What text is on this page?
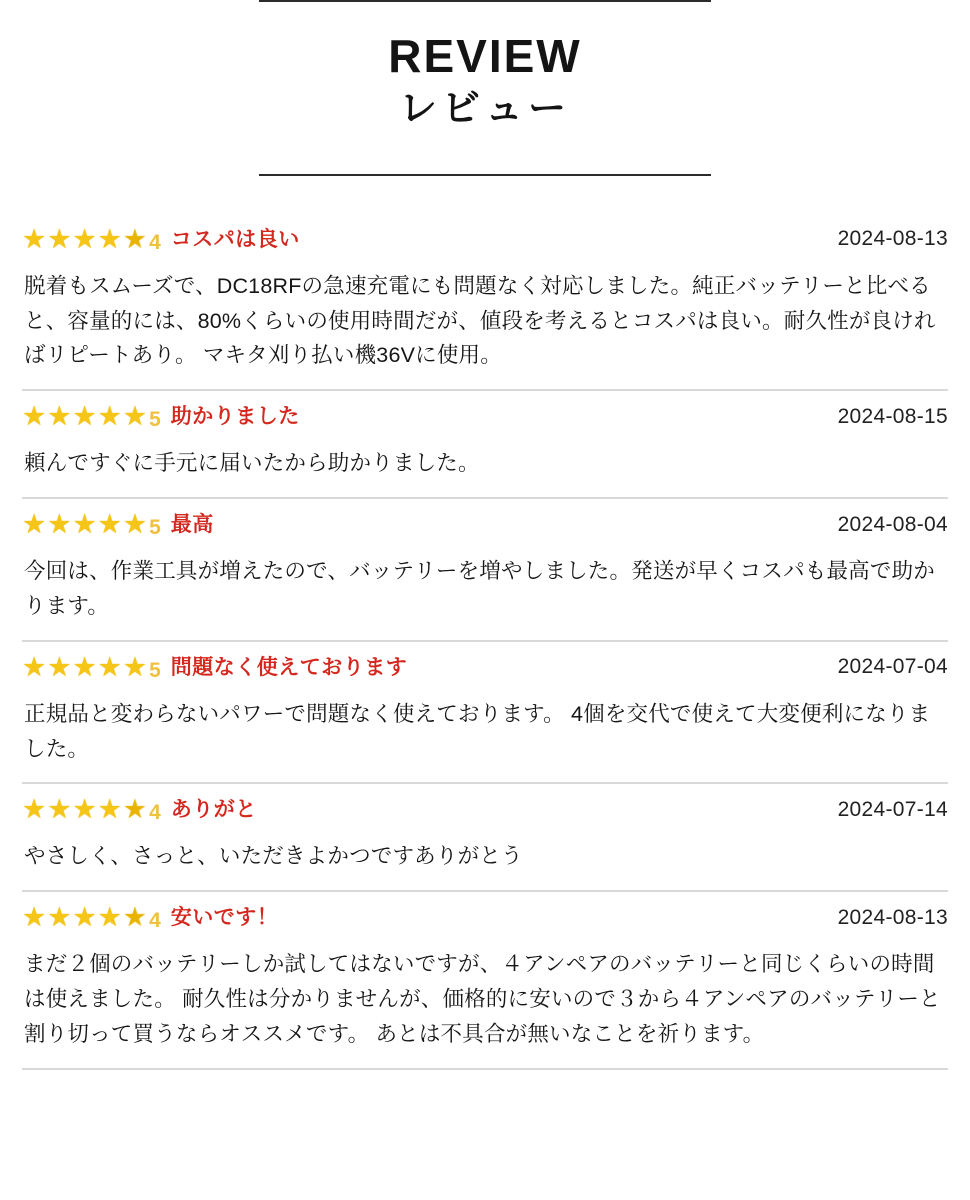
REVIEW
レビュー
★ ★ ★ ★ ★ 4 コスパは良い	2024-08-13
脱着もスムーズで、DC18RFの急速充電にも問題なく対応しました。純正バッテリーと比べると、容量的には、80%くらいの使用時間だが、値段を考えるとコスパは良い。耐久性が良ければリピートあり。 マキタ刈り払い機36Vに使用。
★ ★ ★ ★ ★ 5 助かりました	2024-08-15
頼んですぐに手元に届いたから助かりました。
★ ★ ★ ★ ★ 5 最高	2024-08-04
今回は、作業工具が増えたので、バッテリーを増やしました。発送が早くコスパも最高で助かります。
★ ★ ★ ★ ★ 5 問題なく使えております	2024-07-04
正規品と変わらないパワーで問題なく使えております。 4個を交代で使えて大変便利になりました。
★ ★ ★ ★ ★ 4 ありがと	2024-07-14
やさしく、さっと、いただきよかつですありがとう
★ ★ ★ ★ ★ 4 安いです！	2024-08-13
まだ２個のバッテリーしか試してはないですが、４アンペアのバッテリーと同じくらいの時間は使えました。 耐久性は分かりませんが、価格的に安いので３から４アンペアのバッテリーと割り切って買うならオススメです。 あとは不具合が無いなことを祈ります。
